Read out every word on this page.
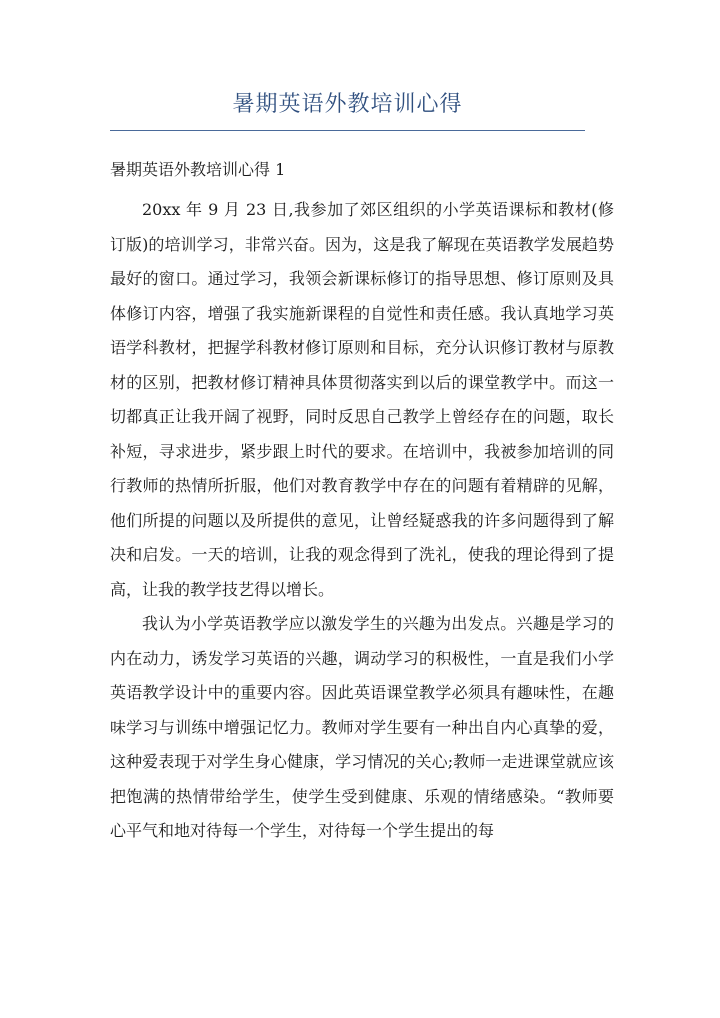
暑期英语外教培训心得
暑期英语外教培训心得 1

20xx 年 9 月 23 日,我参加了郊区组织的小学英语课标和教材(修订版)的培训学习，非常兴奋。因为，这是我了解现在英语教学发展趋势最好的窗口。通过学习，我领会新课标修订的指导思想、修订原则及具体修订内容，增强了我实施新课程的自觉性和责任感。我认真地学习英语学科教材，把握学科教材修订原则和目标，充分认识修订教材与原教材的区别，把教材修订精神具体贯彻落实到以后的课堂教学中。而这一切都真正让我开阔了视野，同时反思自己教学上曾经存在的问题，取长补短，寻求进步，紧步跟上时代的要求。在培训中，我被参加培训的同行教师的热情所折服，他们对教育教学中存在的问题有着精辟的见解，他们所提的问题以及所提供的意见，让曾经疑惑我的许多问题得到了解决和启发。一天的培训，让我的观念得到了洗礼，使我的理论得到了提高，让我的教学技艺得以增长。

我认为小学英语教学应以激发学生的兴趣为出发点。兴趣是学习的内在动力，诱发学习英语的兴趣，调动学习的积极性，一直是我们小学英语教学设计中的重要内容。因此英语课堂教学必须具有趣味性，在趣味学习与训练中增强记忆力。教师对学生要有一种出自内心真挚的爱，这种爱表现于对学生身心健康，学习情况的关心;教师一走进课堂就应该把饱满的热情带给学生，使学生受到健康、乐观的情绪感染。“教师要心平气和地对待每一个学生，对待每一个学生提出的每
